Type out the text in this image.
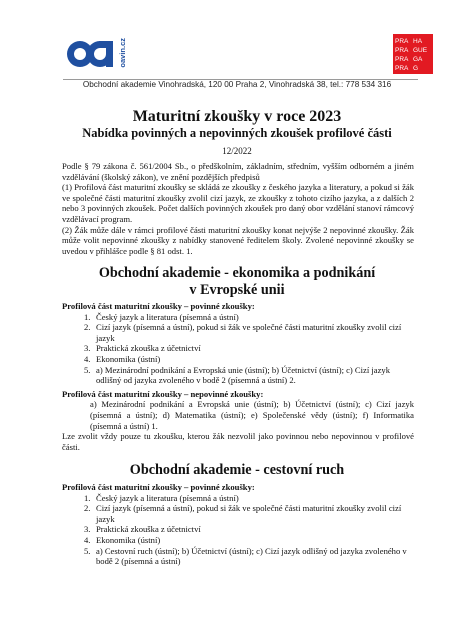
oavin.cz	PRA HA
PRA GUE
PRA GA
PRA G
Obchodní akademie Vinohradská, 120 00 Praha 2, Vinohradská 38, tel.: 778 534 316
Maturitní zkoušky v roce 2023
Nabídka povinných a nepovinných zkoušek profilové části
12/2022

Podle § 79 zákona č. 561/2004 Sb., o předškolním, základním, středním, vyšším odborném a jiném vzdělávání (školský zákon), ve znění pozdějších předpisů

(1) Profilová část maturitní zkoušky se skládá ze zkoušky z českého jazyka a literatury, a pokud si žák ve společné části maturitní zkoušky zvolil cizí jazyk, ze zkoušky z tohoto cizího jazyka, a z dalších 2 nebo 3 povinných zkoušek. Počet dalších povinných zkoušek pro daný obor vzdělání stanoví rámcový vzdělávací program.

(2) Žák může dále v rámci profilové části maturitní zkoušky konat nejvýše 2 nepovinné zkoušky. Žák může volit nepovinné zkoušky z nabídky stanovené ředitelem školy. Zvolené nepovinné zkoušky se uvedou v přihlášce podle § 81 odst. 1.

Obchodní akademie - ekonomika a podnikání
v Evropské unii

Profilová část maturitní zkoušky – povinné zkoušky:

1. Český jazyk a literatura (písemná a ústní)
2. Cizí jazyk (písemná a ústní), pokud si žák ve společné části maturitní zkoušky zvolil cizí jazyk
3. Praktická zkouška z účetnictví
4. Ekonomika (ústní)
5. a) Mezinárodní podnikání a Evropská unie (ústní); b) Účetnictví (ústní); c) Cizí jazyk odlišný od jazyka zvoleného v bodě 2 (písemná a ústní) 2.

Profilová část maturitní zkoušky – nepovinné zkoušky:

a) Mezinárodní podnikání a Evropská unie (ústní); b) Účetnictví (ústní); c) Cizí jazyk (písemná a ústní); d) Matematika (ústní); e) Společenské vědy (ústní); f) Informatika (písemná a ústní) 1.

Lze zvolit vždy pouze tu zkoušku, kterou žák nezvolil jako povinnou nebo nepovinnou v profilové části.

Obchodní akademie - cestovní ruch

Profilová část maturitní zkoušky – povinné zkoušky:

1. Český jazyk a literatura (písemná a ústní)
2. Cizí jazyk (písemná a ústní), pokud si žák ve společné části maturitní zkoušky zvolil cizí jazyk
3. Praktická zkouška z účetnictví
4. Ekonomika (ústní)
5. a) Cestovní ruch (ústní); b) Účetnictví (ústní); c) Cizí jazyk odlišný od jazyka zvoleného v bodě 2 (písemná a ústní)
